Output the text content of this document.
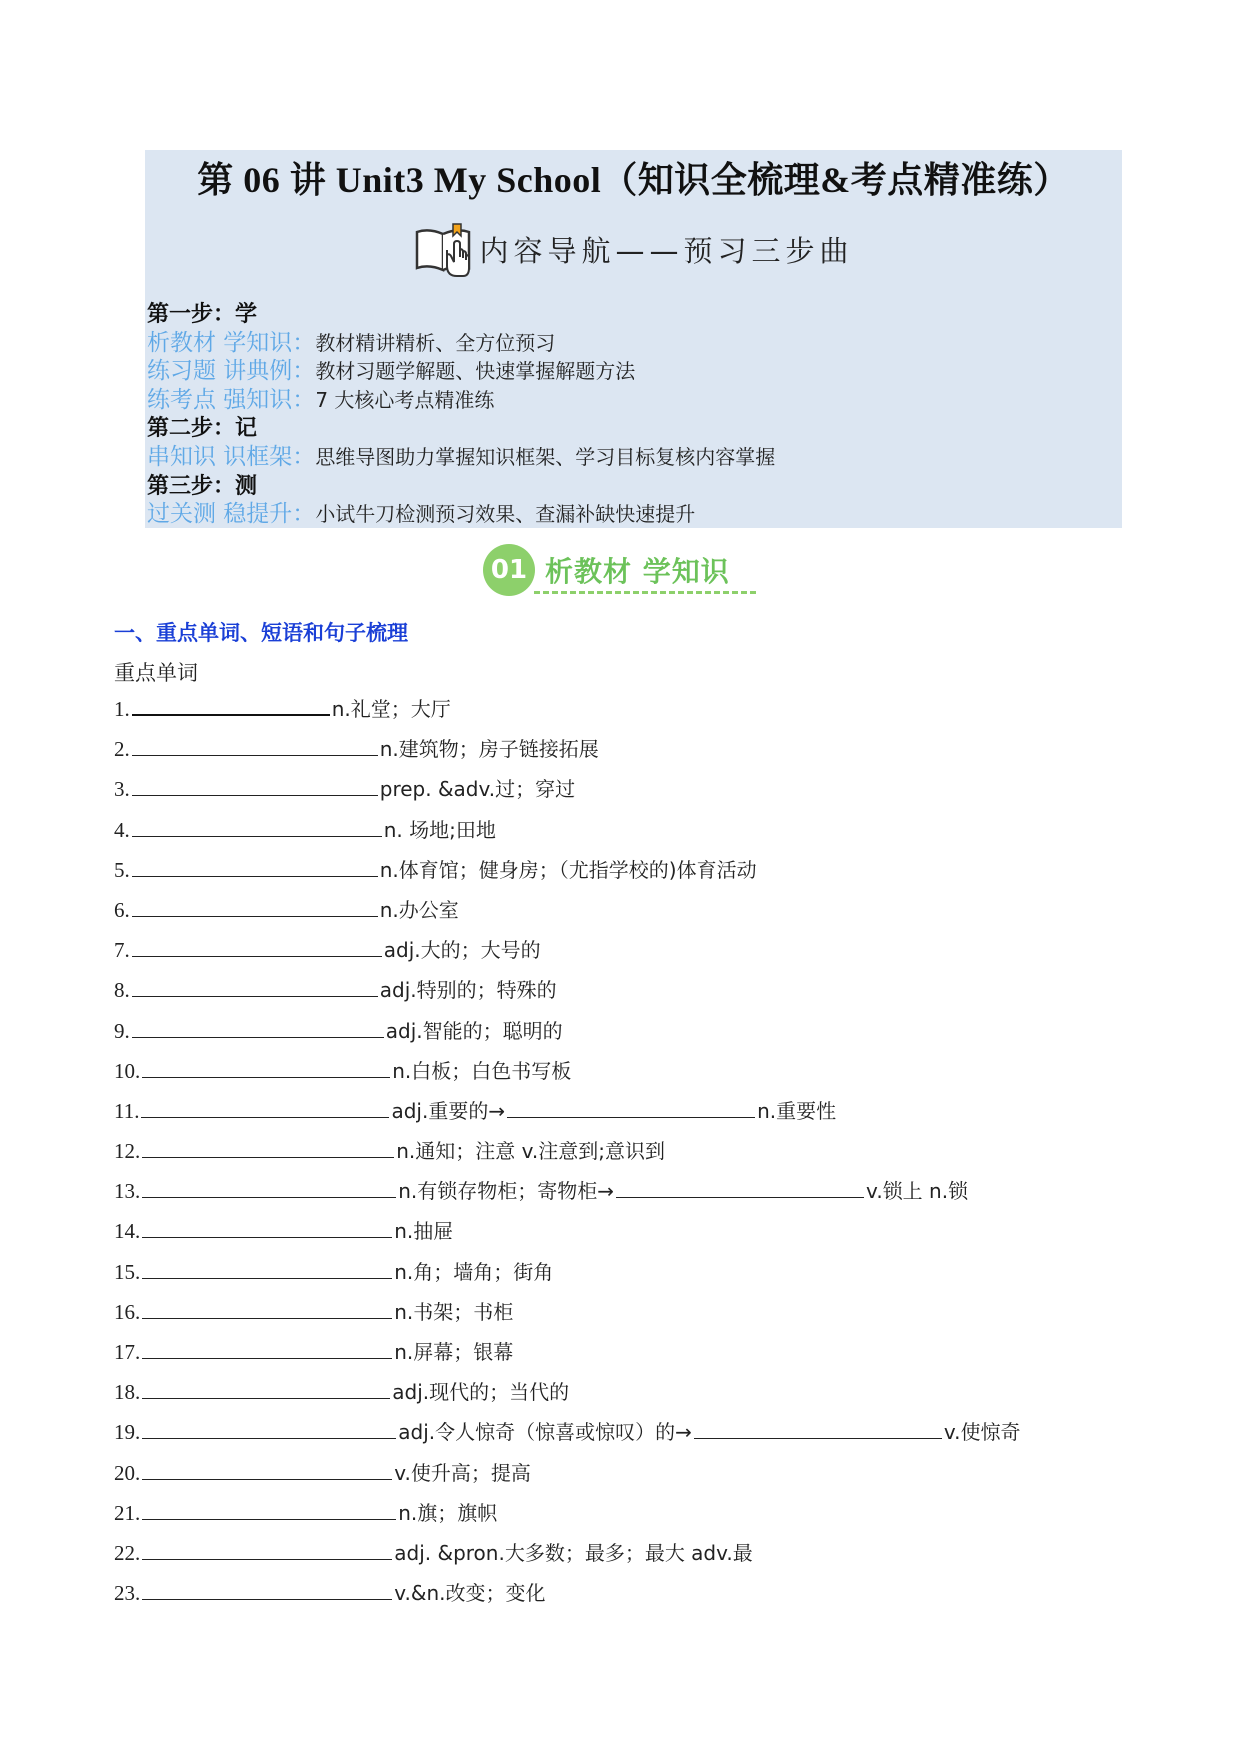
第 06 讲 Unit3 My School（知识全梳理&考点精准练）
内容导航——预习三步曲
第一步：学
析教材 学知识：教材精讲精析、全方位预习
练习题 讲典例：教材习题学解题、快速掌握解题方法
练考点 强知识：7 大核心考点精准练
第二步：记
串知识 识框架：思维导图助力掌握知识框架、学习目标复核内容掌握
第三步：测
过关测 稳提升：小试牛刀检测预习效果、查漏补缺快速提升
01 析教材 学知识
一、重点单词、短语和句子梳理
重点单词
1.	n.礼堂；大厅
2.	n.建筑物；房子链接拓展
3.	prep. &adv.过；穿过
4.	n. 场地;田地
5.	n.体育馆；健身房；（尤指学校的)体育活动
6.	n.办公室
7.	adj.大的；大号的
8.	adj.特别的；特殊的
9.	adj.智能的；聪明的
10.	n.白板；白色书写板
11.	adj.重要的→	n.重要性
12.	n.通知；注意 v.注意到;意识到
13.	n.有锁存物柜；寄物柜→	v.锁上 n.锁
14.	n.抽屉
15.	n.角；墙角；街角
16.	n.书架；书柜
17.	n.屏幕；银幕
18.	adj.现代的；当代的
19.	adj.令人惊奇（惊喜或惊叹）的→	v.使惊奇
20.	v.使升高；提高
21.	n.旗；旗帜
22.	adj. &pron.大多数；最多；最大 adv.最
23.	v.&n.改变；变化
